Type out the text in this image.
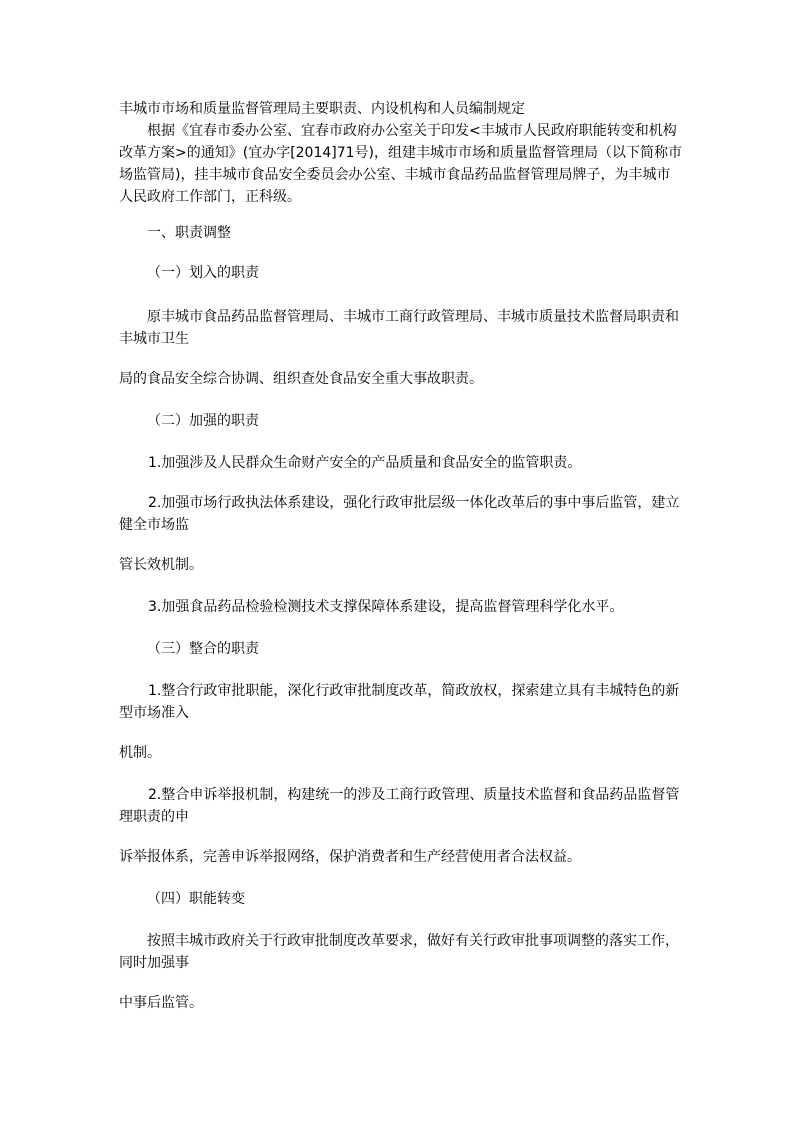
丰城市市场和质量监督管理局主要职责、内设机构和人员编制规定
根据《宜春市委办公室、宜春市政府办公室关于印发<丰城市人民政府职能转变和机构
改革方案>的通知》(宜办字[2014]71号)，组建丰城市市场和质量监督管理局（以下简称市
场监管局)，挂丰城市食品安全委员会办公室、丰城市食品药品监督管理局牌子，为丰城市
人民政府工作部门，正科级。
一、职责调整
（一）划入的职责
原丰城市食品药品监督管理局、丰城市工商行政管理局、丰城市质量技术监督局职责和
丰城市卫生
局的食品安全综合协调、组织查处食品安全重大事故职责。
（二）加强的职责
1.加强涉及人民群众生命财产安全的产品质量和食品安全的监管职责。
2.加强市场行政执法体系建设，强化行政审批层级一体化改革后的事中事后监管，建立
健全市场监
管长效机制。
3.加强食品药品检验检测技术支撑保障体系建设，提高监督管理科学化水平。
（三）整合的职责
1.整合行政审批职能，深化行政审批制度改革，简政放权，探索建立具有丰城特色的新
型市场准入
机制。
2.整合申诉举报机制，构建统一的涉及工商行政管理、质量技术监督和食品药品监督管
理职责的申
诉举报体系，完善申诉举报网络，保护消费者和生产经营使用者合法权益。
（四）职能转变
按照丰城市政府关于行政审批制度改革要求，做好有关行政审批事项调整的落实工作，
同时加强事
中事后监管。
